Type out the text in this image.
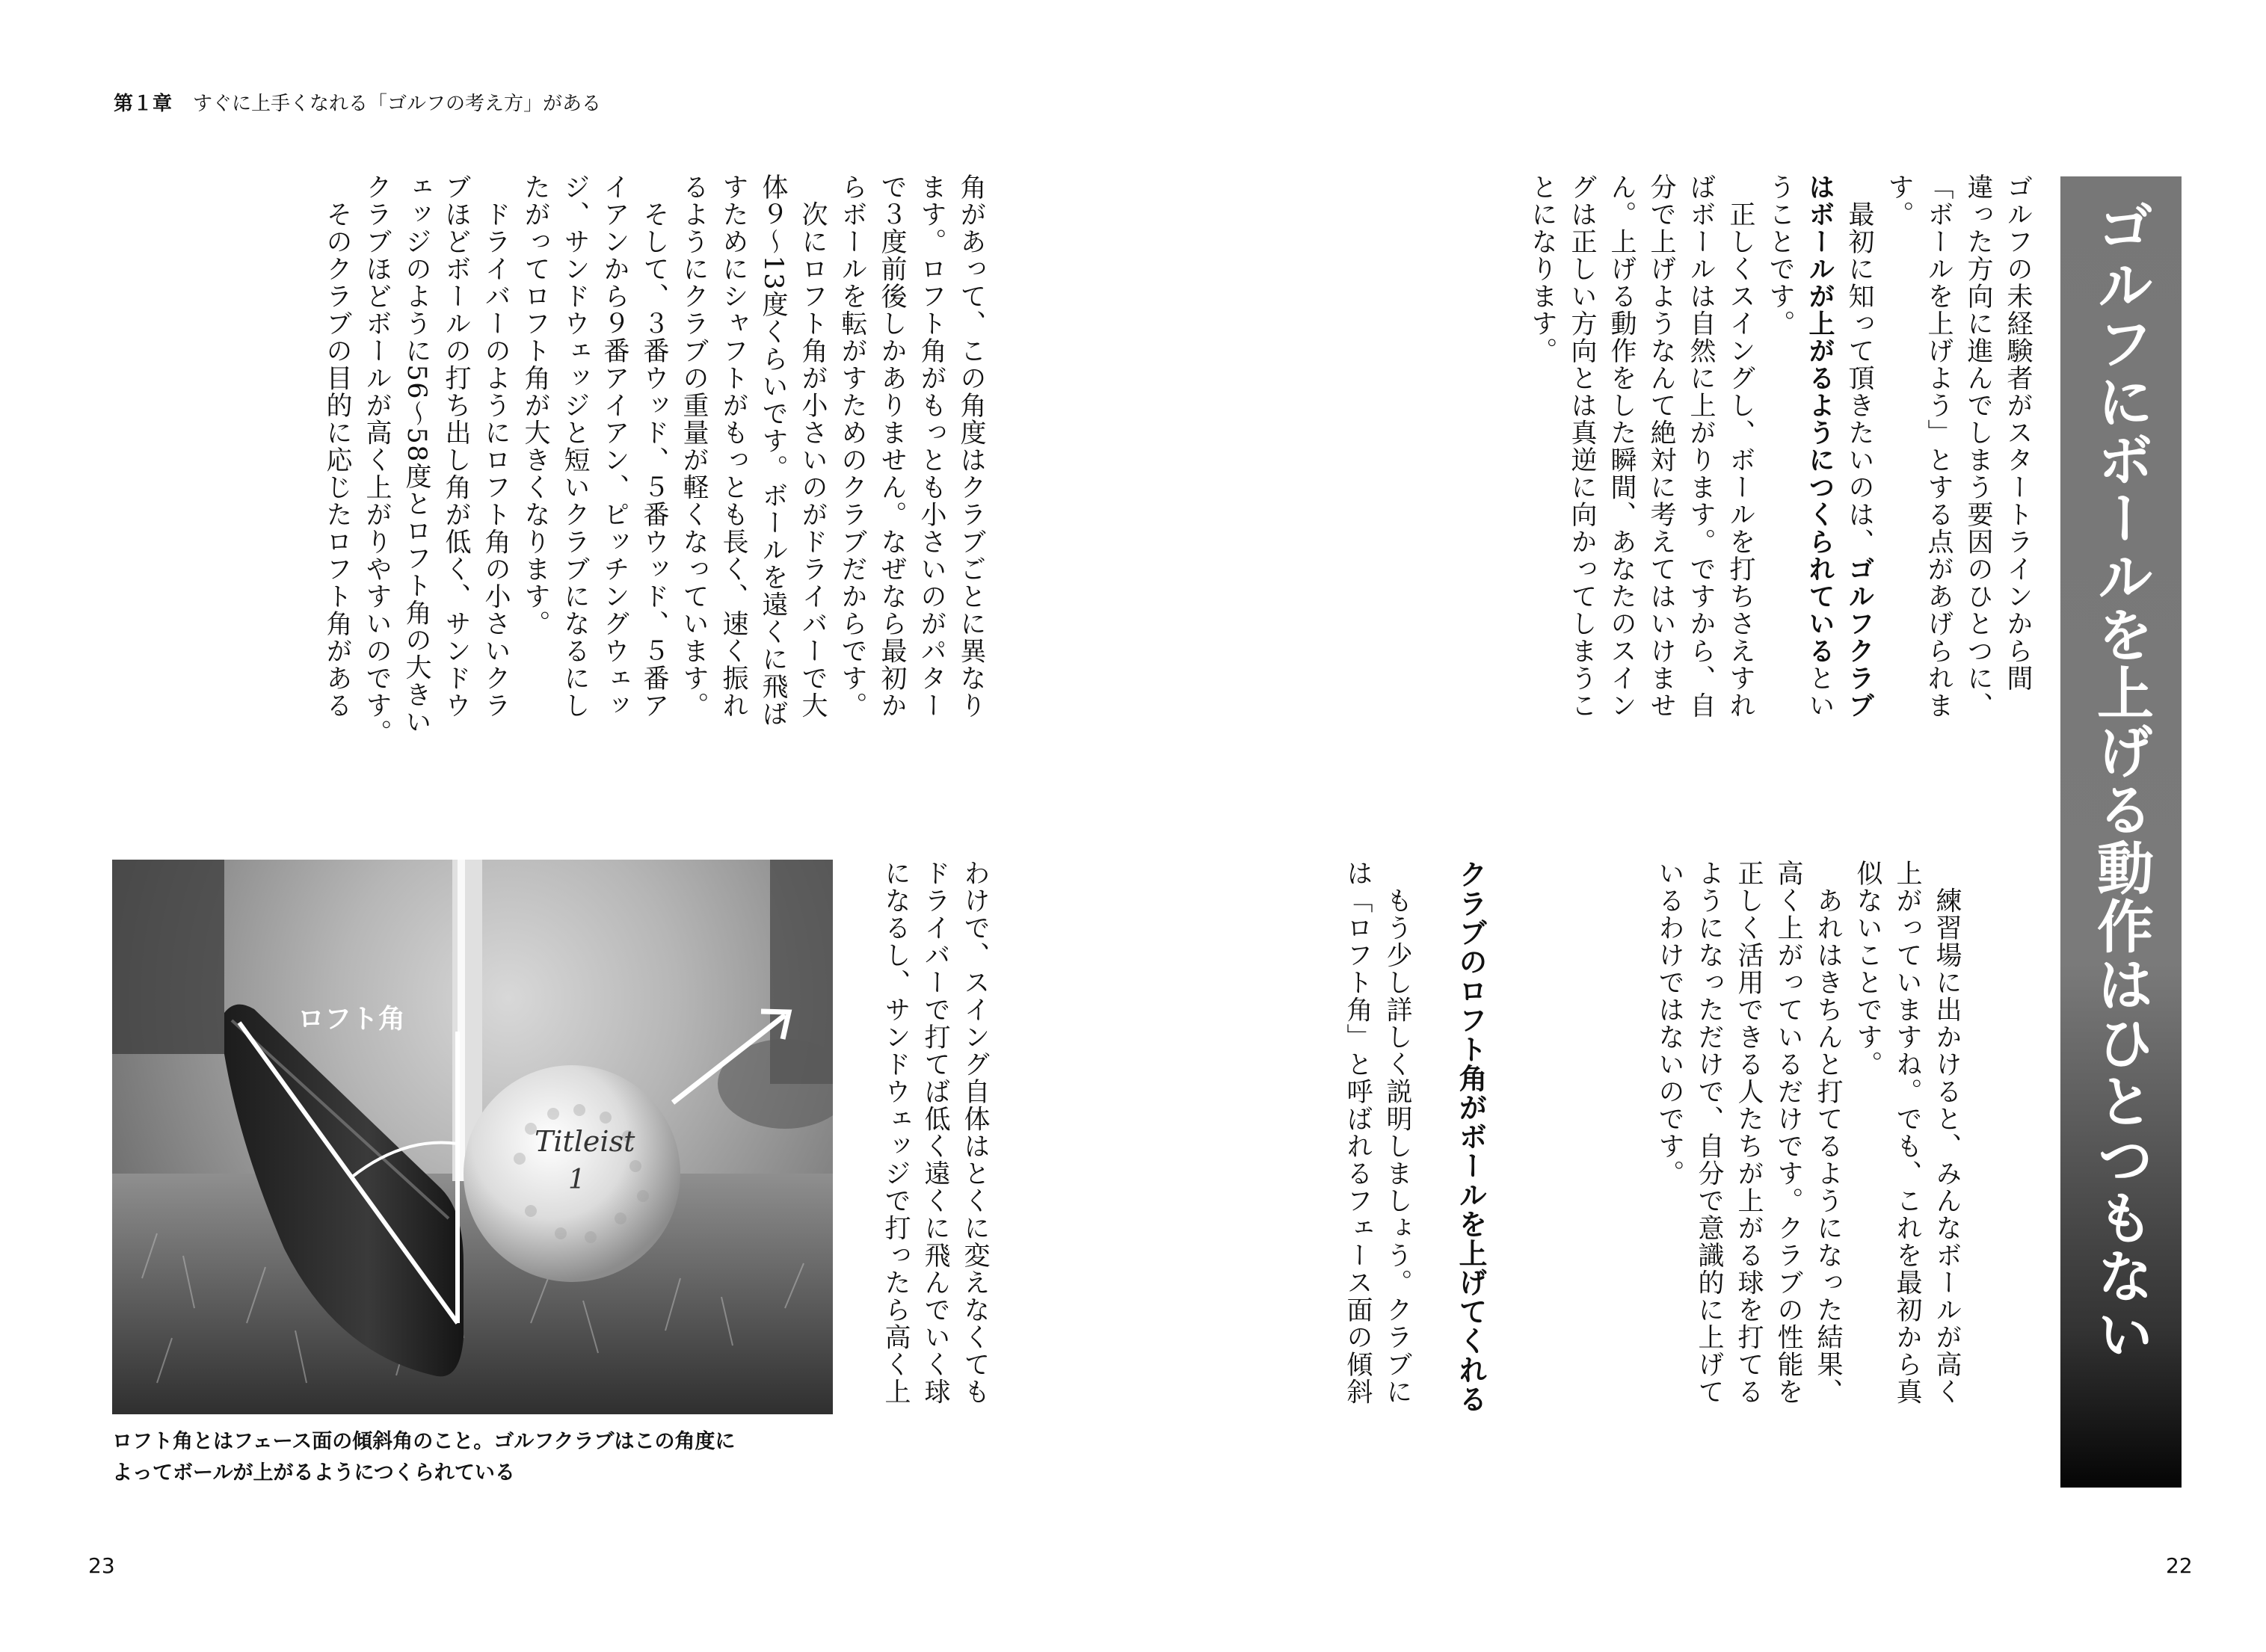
第１章 すぐに上手くなれる「ゴルフの考え方」がある
角があって、この角度はクラブごとに異なり
ます。ロフト角がもっとも小さいのがパター
で３度前後しかありません。なぜなら最初か
らボールを転がすためのクラブだからです。
　次にロフト角が小さいのがドライバーで大
体９〜13度くらいです。ボールを遠くに飛ば
すためにシャフトがもっとも長く、速く振れ
るようにクラブの重量が軽くなっています。
　そして、３番ウッド、５番ウッド、５番ア
イアンから９番アイアン、ピッチングウェッ
ジ、サンドウェッジと短いクラブになるにし
たがってロフト角が大きくなります。
　ドライバーのようにロフト角の小さいクラ
ブほどボールの打ち出し角が低く、サンドウ
ェッジのように56〜58度とロフト角の大きい
クラブほどボールが高く上がりやすいのです。
　そのクラブの目的に応じたロフト角がある
Titleist
1
ロフト角
ロフト角とはフェース面の傾斜角のこと。ゴルフクラブはこの角度に
よってボールが上がるようにつくられている
わけで、スイング自体はとくに変えなくても
ドライバーで打てば低く遠くに飛んでいく球
になるし、サンドウェッジで打ったら高く上
23	22
ゴルフにボールを上げる動作はひとつもない
ゴルフの未経験者がスタートラインから間
違った方向に進んでしまう要因のひとつに、
「ボールを上げよう」とする点があげられま
す。
　最初に知って頂きたいのは、ゴルフクラブ
はボールが上がるようにつくられているとい
うことです。
　正しくスイングし、ボールを打ちさえすれ
ばボールは自然に上がります。ですから、自
分で上げようなんて絶対に考えてはいけませ
ん。上げる動作をした瞬間、あなたのスイン
グは正しい方向とは真逆に向かってしまうこ
とになります。
　練習場に出かけると、みんなボールが高く
上がっていますね。でも、これを最初から真
似ないことです。
　あれはきちんと打てるようになった結果、
高く上がっているだけです。クラブの性能を
正しく活用できる人たちが上がる球を打てる
ようになっただけで、自分で意識的に上げて
いるわけではないのです。
クラブのロフト角がボールを上げてくれる
　もう少し詳しく説明しましょう。クラブに
は「ロフト角」と呼ばれるフェース面の傾斜
